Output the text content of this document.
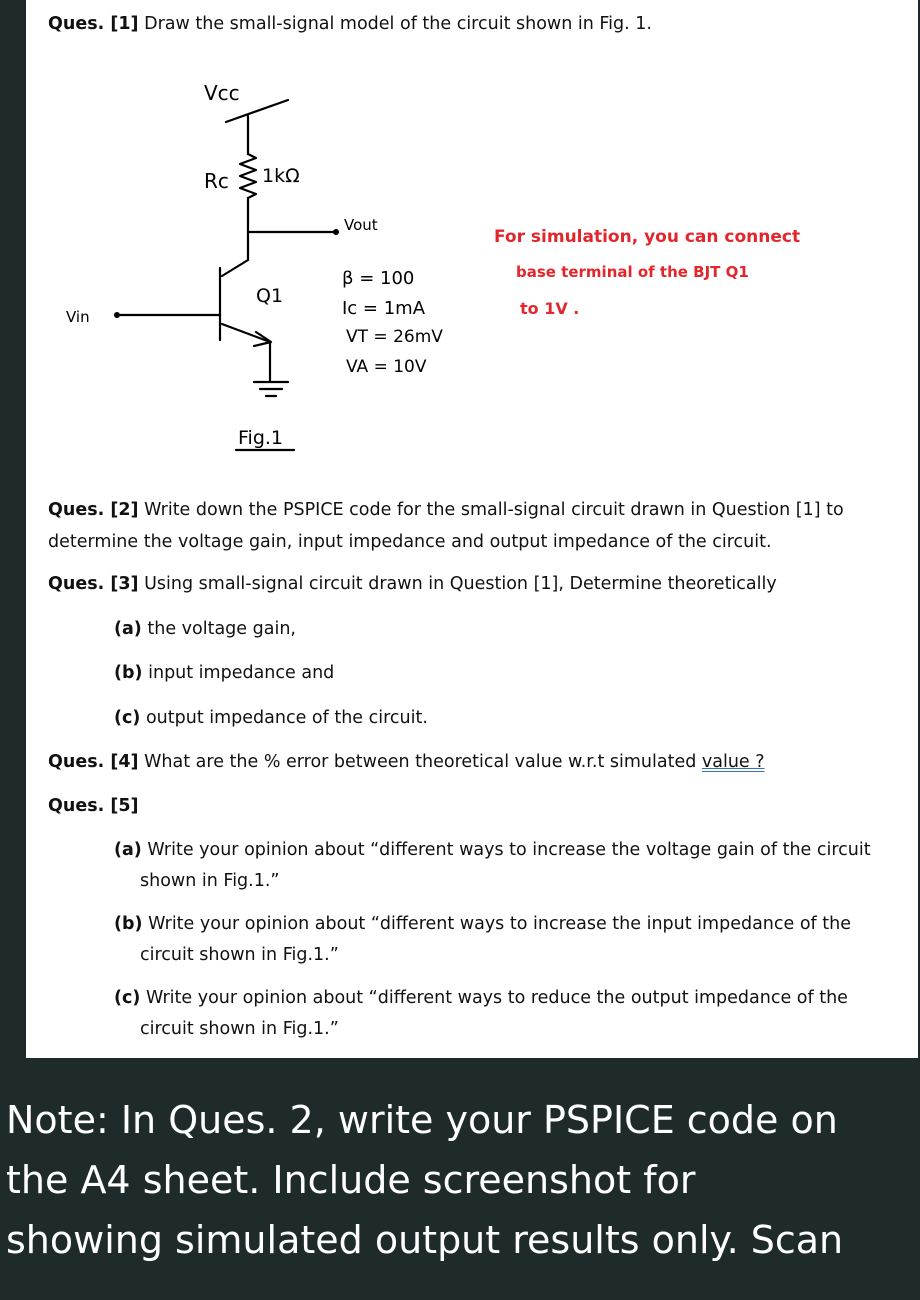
Ques. [1] Draw the small-signal model of the circuit shown in Fig. 1.

Vcc
Rc 1kΩ
Vout
Vin
Q1
β = 100
Ic = 1mA
VT = 26mV
VA = 10V
Fig.1
For simulation, you can connect
base terminal of the BJT Q1
to 1V .

Ques. [2] Write down the PSPICE code for the small-signal circuit drawn in Question [1] to
determine the voltage gain, input impedance and output impedance of the circuit.

Ques. [3] Using small-signal circuit drawn in Question [1], Determine theoretically

(a) the voltage gain,

(b) input impedance and

(c) output impedance of the circuit.

Ques. [4] What are the % error between theoretical value w.r.t simulated value ?

Ques. [5]

(a) Write your opinion about “different ways to increase the voltage gain of the circuit
shown in Fig.1.”

(b) Write your opinion about “different ways to increase the input impedance of the
circuit shown in Fig.1.”

(c) Write your opinion about “different ways to reduce the output impedance of the
circuit shown in Fig.1.”

Note: In Ques. 2, write your PSPICE code on
the A4 sheet. Include screenshot for
showing simulated output results only. Scan
